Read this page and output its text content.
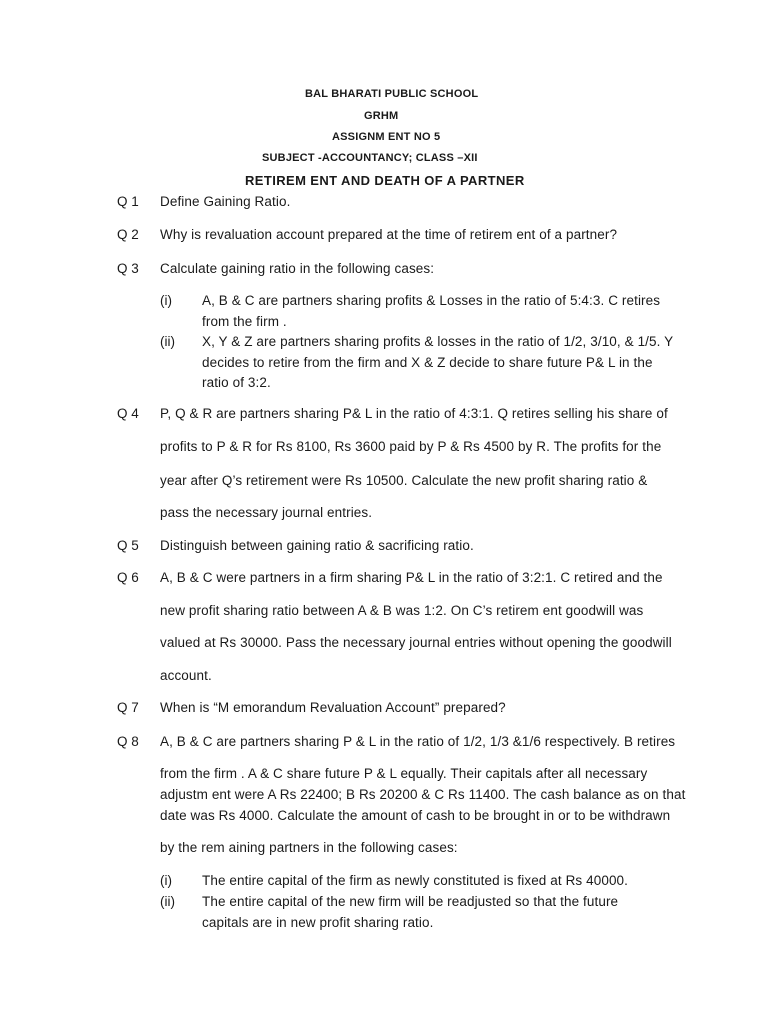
BAL BHARATI PUBLIC SCHOOL
GRHM
ASSIGNM ENT NO 5
SUBJECT -ACCOUNTANCY; CLASS –XII
RETIREM ENT AND DEATH OF A PARTNER
Q 1 Define Gaining Ratio.
Q 2 Why is revaluation account prepared at the time of retirem ent of a partner?
Q 3 Calculate gaining ratio in the following cases:
(i) A, B & C are partners sharing profits & Losses in the ratio of 5:4:3. C retires
from the firm .
(ii) X, Y & Z are partners sharing profits & losses in the ratio of 1/2, 3/10, & 1/5. Y
decides to retire from the firm and X & Z decide to share future P& L in the
ratio of 3:2.
Q 4 P, Q & R are partners sharing P& L in the ratio of 4:3:1. Q retires selling his share of
profits to P & R for Rs 8100, Rs 3600 paid by P & Rs 4500 by R. The profits for the
year after Q’s retirement were Rs 10500. Calculate the new profit sharing ratio &
pass the necessary journal entries.
Q 5 Distinguish between gaining ratio & sacrificing ratio.
Q 6 A, B & C were partners in a firm sharing P& L in the ratio of 3:2:1. C retired and the
new profit sharing ratio between A & B was 1:2. On C’s retirem ent goodwill was
valued at Rs 30000. Pass the necessary journal entries without opening the goodwill
account.
Q 7 When is “M emorandum Revaluation Account” prepared?
Q 8 A, B & C are partners sharing P & L in the ratio of 1/2, 1/3 &1/6 respectively. B retires
from the firm . A & C share future P & L equally. Their capitals after all necessary
adjustm ent were A Rs 22400; B Rs 20200 & C Rs 11400. The cash balance as on that
date was Rs 4000. Calculate the amount of cash to be brought in or to be withdrawn
by the rem aining partners in the following cases:
(i) The entire capital of the firm as newly constituted is fixed at Rs 40000.
(ii) The entire capital of the new firm will be readjusted so that the future
capitals are in new profit sharing ratio.
